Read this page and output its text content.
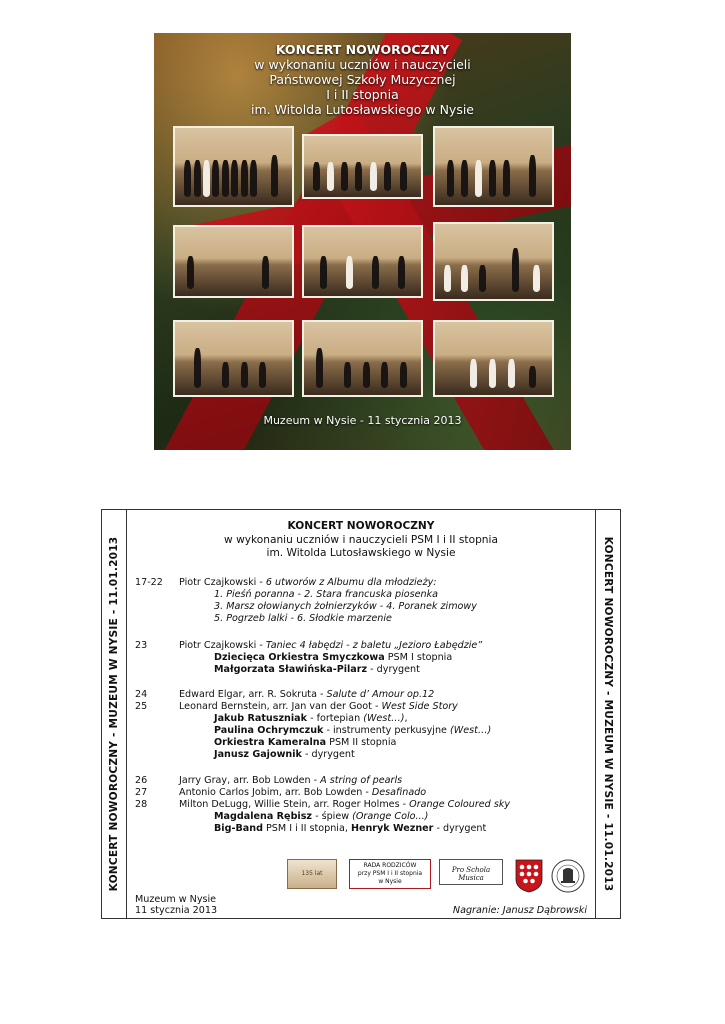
KONCERT NOWOROCZNY
w wykonaniu uczniów i nauczycieli
Państwowej Szkoły Muzycznej
I i II stopnia
im. Witolda Lutosławskiego w Nysie
Muzeum w Nysie - 11 stycznia 2013
KONCERT NOWOROCZNY - MUZEUM W NYSIE - 11.01.2013	KONCERT NOWOROCZNY - MUZEUM W NYSIE - 11.01.2013
KONCERT NOWOROCZNY
w wykonaniu uczniów i nauczycieli PSM I i II stopnia
im. Witolda Lutosławskiego w Nysie
17-22	Piotr Czajkowski - 6 utworów z Albumu dla młodzieży:
1. Pieśń poranna - 2. Stara francuska piosenka
3. Marsz ołowianych żołnierzyków - 4. Poranek zimowy
5. Pogrzeb lalki - 6. Słodkie marzenie
23	Piotr Czajkowski - Taniec 4 łabędzi - z baletu „Jezioro Łabędzie”
Dziecięca Orkiestra Smyczkowa PSM I stopnia
Małgorzata Sławińska-Pilarz - dyrygent
24	Edward Elgar, arr. R. Sokruta - Salute d’ Amour op.12
25	Leonard Bernstein, arr. Jan van der Goot - West Side Story
Jakub Ratuszniak - fortepian (West…),
Paulina Ochrymczuk - instrumenty perkusyjne (West…)
Orkiestra Kameralna PSM II stopnia
Janusz Gajownik - dyrygent
26	Jarry Gray, arr. Bob Lowden - A string of pearls
27	Antonio Carlos Jobim, arr. Bob Lowden - Desafinado
28	Milton DeLugg, Willie Stein, arr. Roger Holmes - Orange Coloured sky
Magdalena Rębisz - śpiew (Orange Colo...)
Big-Band PSM I i II stopnia, Henryk Wezner - dyrygent
135 lat
RADA RODZICÓW
przy PSM I i II stopnia
w Nysie
Pro Schola Musica
Muzeum w Nysie
11 stycznia 2013	Nagranie: Janusz Dąbrowski
